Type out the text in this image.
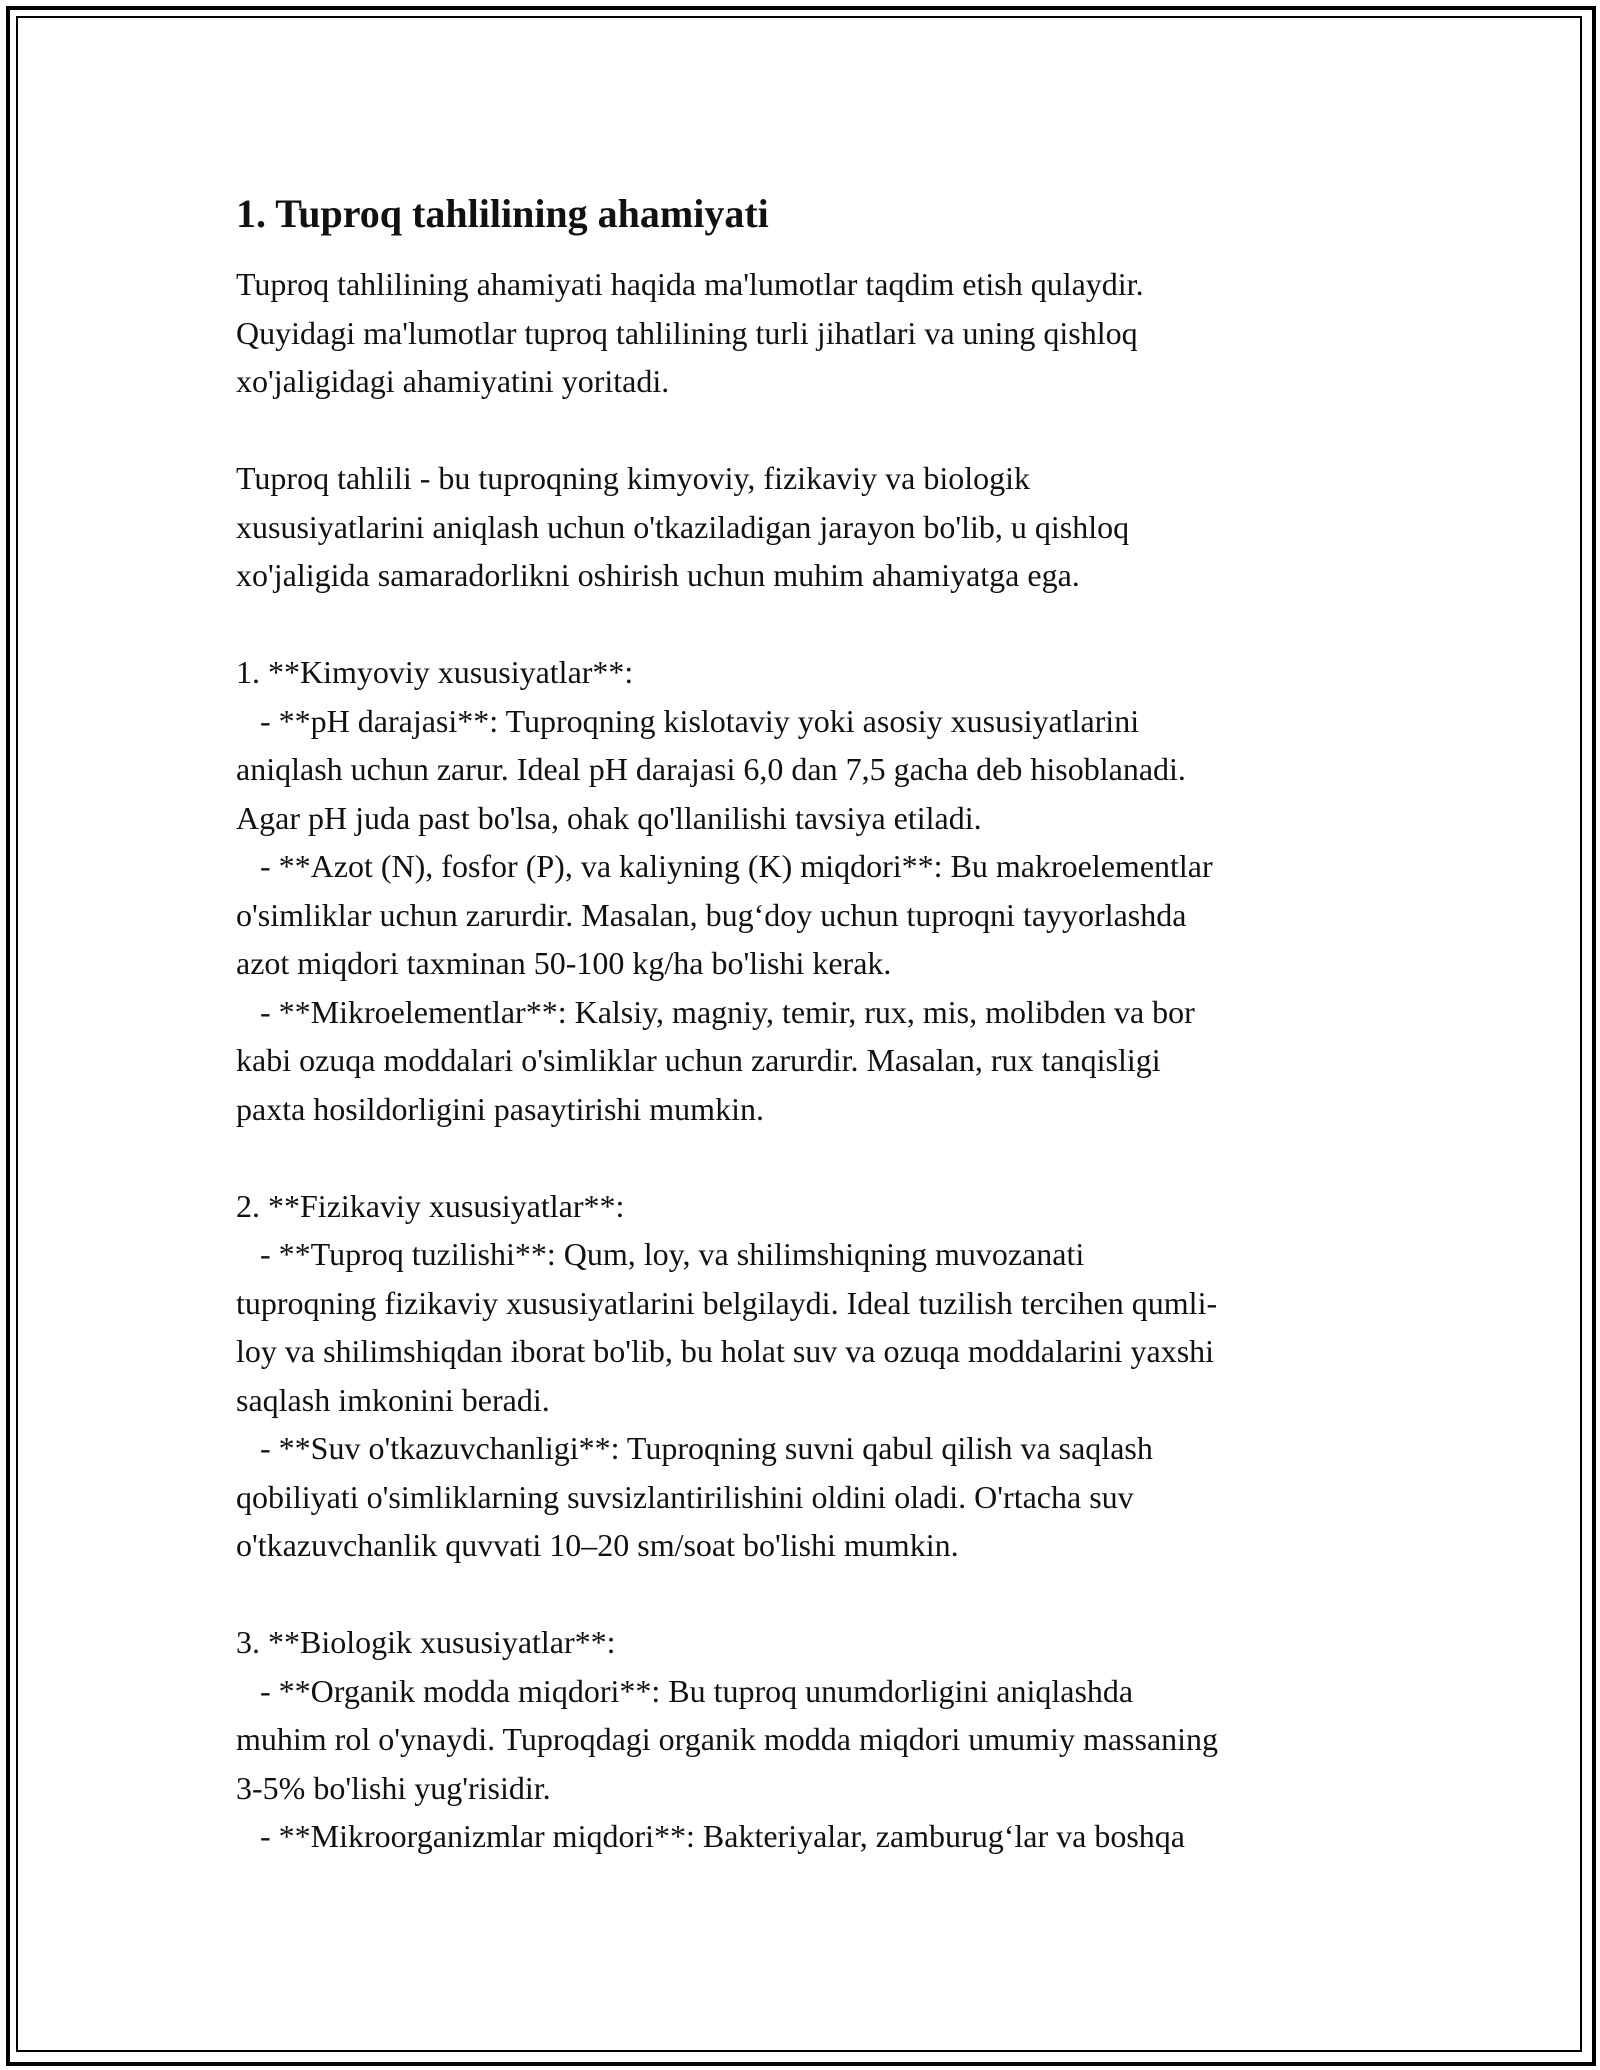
1. Tuproq tahlilining ahamiyati

Tuproq tahlilining ahamiyati haqida ma'lumotlar taqdim etish qulaydir.

Quyidagi ma'lumotlar tuproq tahlilining turli jihatlari va uning qishloq

xo'jaligidagi ahamiyatini yoritadi.

Tuproq tahlili - bu tuproqning kimyoviy, fizikaviy va biologik

xususiyatlarini aniqlash uchun o'tkaziladigan jarayon bo'lib, u qishloq

xo'jaligida samaradorlikni oshirish uchun muhim ahamiyatga ega.

1. **Kimyoviy xususiyatlar**:

- **pH darajasi**: Tuproqning kislotaviy yoki asosiy xususiyatlarini

aniqlash uchun zarur. Ideal pH darajasi 6,0 dan 7,5 gacha deb hisoblanadi.

Agar pH juda past bo'lsa, ohak qo'llanilishi tavsiya etiladi.

- **Azot (N), fosfor (P), va kaliyning (K) miqdori**: Bu makroelementlar

o'simliklar uchun zarurdir. Masalan, bug‘doy uchun tuproqni tayyorlashda

azot miqdori taxminan 50-100 kg/ha bo'lishi kerak.

- **Mikroelementlar**: Kalsiy, magniy, temir, rux, mis, molibden va bor

kabi ozuqa moddalari o'simliklar uchun zarurdir. Masalan, rux tanqisligi

paxta hosildorligini pasaytirishi mumkin.

2. **Fizikaviy xususiyatlar**:

- **Tuproq tuzilishi**: Qum, loy, va shilimshiqning muvozanati

tuproqning fizikaviy xususiyatlarini belgilaydi. Ideal tuzilish tercihen qumli-

loy va shilimshiqdan iborat bo'lib, bu holat suv va ozuqa moddalarini yaxshi

saqlash imkonini beradi.

- **Suv o'tkazuvchanligi**: Tuproqning suvni qabul qilish va saqlash

qobiliyati o'simliklarning suvsizlantirilishini oldini oladi. O'rtacha suv

o'tkazuvchanlik quvvati 10–20 sm/soat bo'lishi mumkin.

3. **Biologik xususiyatlar**:

- **Organik modda miqdori**: Bu tuproq unumdorligini aniqlashda

muhim rol o'ynaydi. Tuproqdagi organik modda miqdori umumiy massaning

3-5% bo'lishi yug'risidir.

- **Mikroorganizmlar miqdori**: Bakteriyalar, zamburug‘lar va boshqa
